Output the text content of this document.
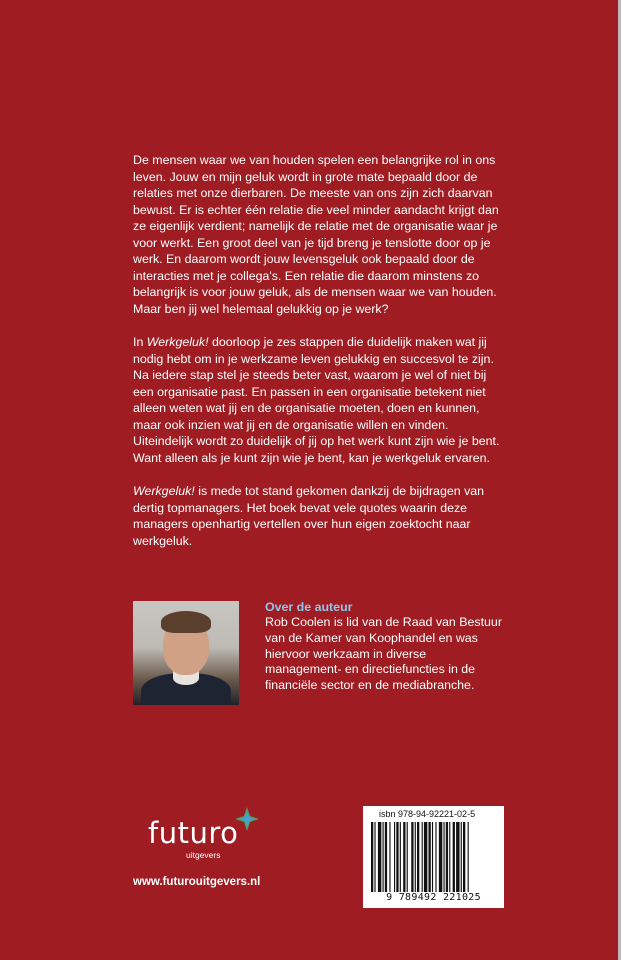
De mensen waar we van houden spelen een belangrijke rol in ons leven. Jouw en mijn geluk wordt in grote mate bepaald door de relaties met onze dierbaren. De meeste van ons zijn zich daarvan bewust. Er is echter één relatie die veel minder aandacht krijgt dan ze eigenlijk verdient; namelijk de relatie met de organisatie waar je voor werkt. Een groot deel van je tijd breng je tenslotte door op je werk. En daarom wordt jouw levensgeluk ook bepaald door de interacties met je collega's. Een relatie die daarom minstens zo belangrijk is voor jouw geluk, als de mensen waar we van houden. Maar ben jij wel helemaal gelukkig op je werk?

In Werkgeluk! doorloop je zes stappen die duidelijk maken wat jij nodig hebt om in je werkzame leven gelukkig en succesvol te zijn. Na iedere stap stel je steeds beter vast, waarom je wel of niet bij een organisatie past. En passen in een organisatie betekent niet alleen weten wat jij en de organisatie moeten, doen en kunnen, maar ook inzien wat jij en de organisatie willen en vinden. Uiteindelijk wordt zo duidelijk of jij op het werk kunt zijn wie je bent. Want alleen als je kunt zijn wie je bent, kan je werkgeluk ervaren.

Werkgeluk! is mede tot stand gekomen dankzij de bijdragen van dertig topmanagers. Het boek bevat vele quotes waarin deze managers openhartig vertellen over hun eigen zoektocht naar werkgeluk.

Over de auteur
Rob Coolen is lid van de Raad van Bestuur van de Kamer van Koophandel en was hiervoor werkzaam in diverse management- en directiefuncties in de financiële sector en de mediabranche.
futuro
uitgevers
www.futurouitgevers.nl
isbn 978-94-92221-02-5
9 789492 221025
